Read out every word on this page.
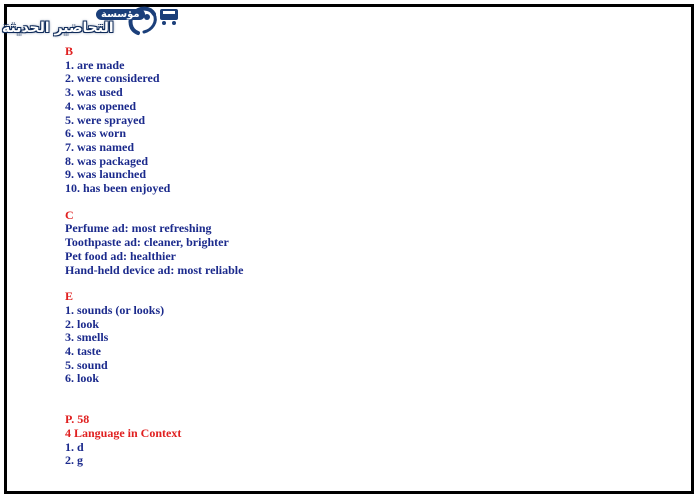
مؤسسة
التحاضير الحديثة
B
1. are made
2. were considered
3. was used
4. was opened
5. were sprayed
6. was worn
7. was named
8. was packaged
9. was launched
10. has been enjoyed
C
Perfume ad: most refreshing
Toothpaste ad: cleaner, brighter
Pet food ad: healthier
Hand-held device ad: most reliable
E
1. sounds (or looks)
2. look
3. smells
4. taste
5. sound
6. look
P. 58
4 Language in Context
1. d
2. g
